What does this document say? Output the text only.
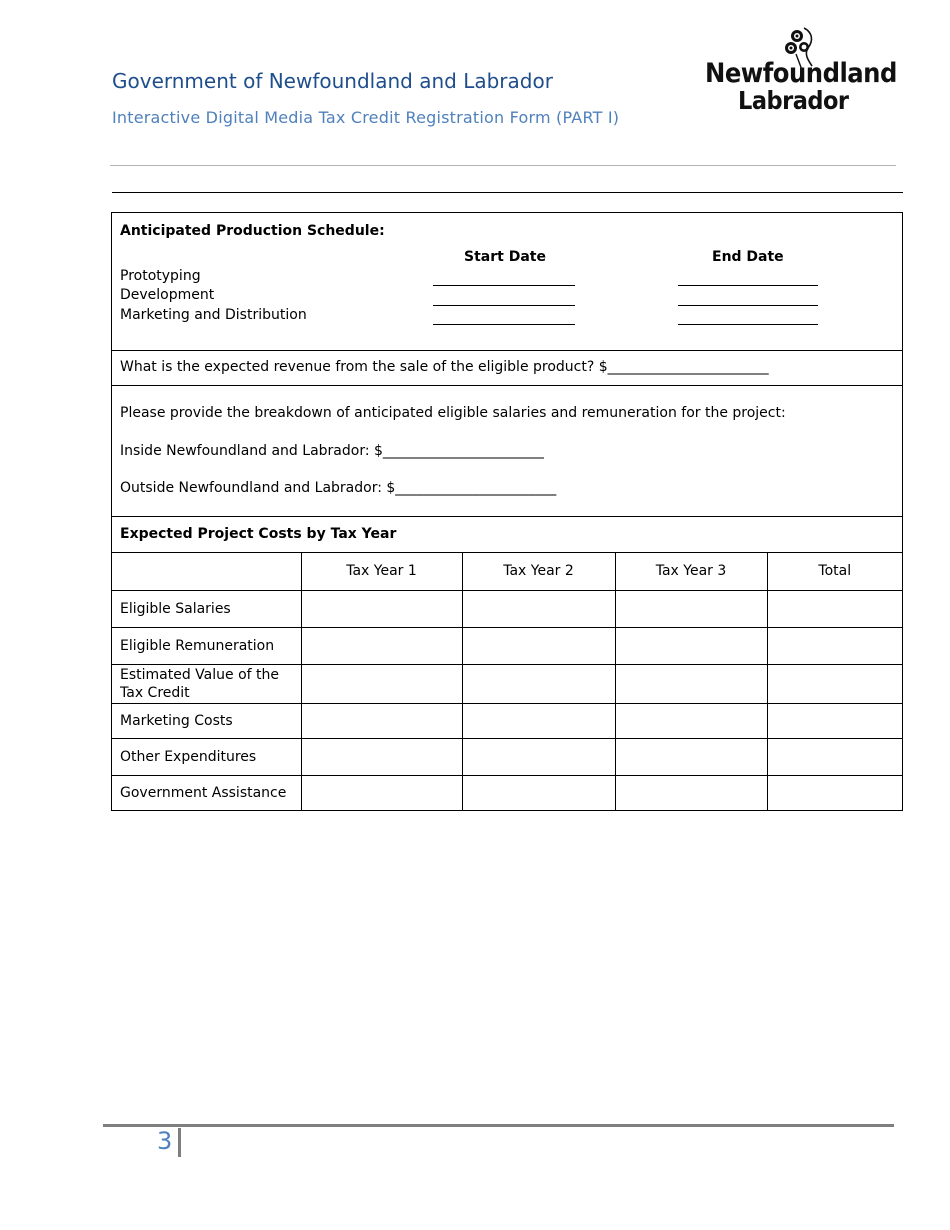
Government of Newfoundland and Labrador
Interactive Digital Media Tax Credit Registration Form (PART I)
Newfoundland
Labrador
Anticipated Production Schedule:
Start Date	End Date
Prototyping
Development
Marketing and Distribution
What is the expected revenue from the sale of the eligible product? $_______________________
Please provide the breakdown of anticipated eligible salaries and remuneration for the project:
Inside Newfoundland and Labrador: $_______________________
Outside Newfoundland and Labrador: $_______________________
Expected Project Costs by Tax Year
	Tax Year 1	Tax Year 2	Tax Year 3	Total
Eligible Salaries				
Eligible Remuneration				
Estimated Value of the Tax Credit				
Marketing Costs				
Other Expenditures				
Government Assistance				
3
